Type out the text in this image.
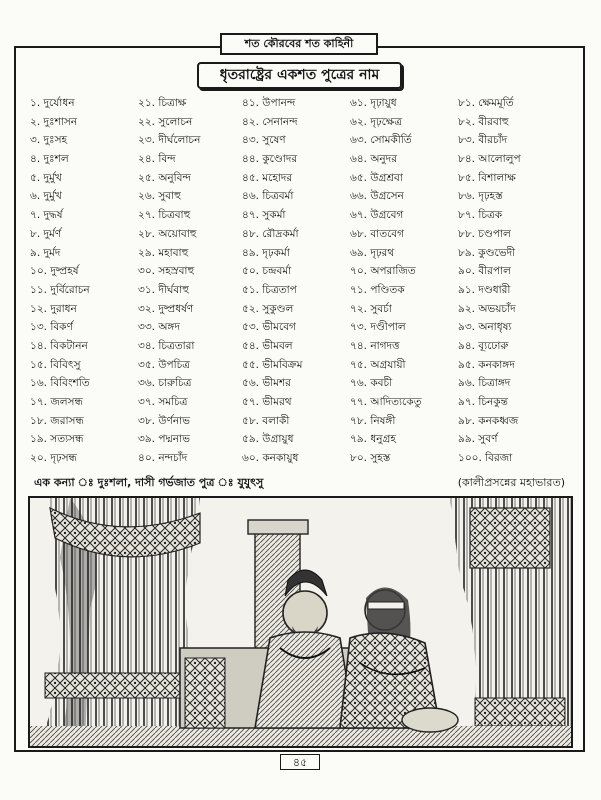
শত কৌরবের শত কাহিনী
ধৃতরাষ্ট্রের একশত পুত্রের নাম
১. দুর্যোধন
২. দুঃশাসন
৩. দুঃসহ
৪. দুঃশল
৫. দুর্মুখ
৬. দুর্মুখ
৭. দুদ্ধর্ষ
৮. দুর্মর্ণ
৯. দুর্মদ
১০. দুষ্প্রহর্ষ
১১. দুর্বিরোচন
১২. দুরাধন
১৩. বিকর্ণ
১৪. বিকটানন
১৫. বিবিৎসু
১৬. বিবিংশতি
১৭. জলসন্ধ
১৮. জরাসন্ধ
১৯. সত্যসন্ধ
২০. দৃঢ়সন্ধ
২১. চিত্রাক্ষ
২২. সুলোচন
২৩. দীর্ঘলোচন
২৪. বিন্দ
২৫. অনুবিন্দ
২৬. সুবাহু
২৭. চিত্রবাহু
২৮. অয়োবাহু
২৯. মহাবাহু
৩০. সহস্রবাহু
৩১. দীর্ঘবাহু
৩২. দুষ্প্রধর্ষণ
৩৩. অঙ্গদ
৩৪. চিত্রতারা
৩৫. উপচিত্র
৩৬. চারুচিত্র
৩৭. সমচিত্র
৩৮. উর্ণনাভ
৩৯. পদ্মনাভ
৪০. নন্দচাঁদ
৪১. উপানন্দ
৪২. সেনানন্দ
৪৩. সুষেণ
৪৪. কুণ্ডোদর
৪৫. মহোদর
৪৬. চিত্রবর্মা
৪৭. সুকর্মা
৪৮. রৌদ্রকর্মা
৪৯. দৃঢ়কর্মা
৫০. চন্দ্রবর্মা
৫১. চিত্রতাপ
৫২. সুকুণ্ডল
৫৩. ভীমবেগ
৫৪. ভীমবল
৫৫. ভীমবিক্রম
৫৬. ভীমশর
৫৭. ভীমরথ
৫৮. বলাকী
৫৯. উগ্রায়ুধ
৬০. কনকায়ুধ
৬১. দৃঢ়ায়ুধ
৬২. দৃঢ়ক্ষেত্র
৬৩. সোমকীর্তি
৬৪. অনুদর
৬৫. উগ্রশ্রবা
৬৬. উগ্রসেন
৬৭. উগ্রবেগ
৬৮. বাতবেগ
৬৯. দৃঢ়রথ
৭০. অপরাজিত
৭১. পণ্ডিতক
৭২. সুবর্চা
৭৩. দণ্ডীপাল
৭৪. নাগদত্ত
৭৫. অগ্রযায়ী
৭৬. কবচী
৭৭. আদিত্যকেতু
৭৮. নিষঙ্গী
৭৯. ধনুগ্রহ
৮০. সুহস্ত
৮১. ক্ষেমমূর্তি
৮২. বীরবাহু
৮৩. বীরচাঁদ
৮৪. আলোলুপ
৮৫. বিশালাক্ষ
৮৬. দৃঢ়হস্ত
৮৭. চিত্রক
৮৮. চণ্ডপাল
৮৯. কুণ্ডভেদী
৯০. বীরপাল
৯১. দণ্ডধারী
৯২. অভয়চাঁদ
৯৩. অনাধৃষ্য
৯৪. ব্যূঢোরু
৯৫. কনকাঙ্গদ
৯৬. চিত্রাঙ্গদ
৯৭. চিনকুন্ত
৯৮. কনকধ্বজ
৯৯. সুবর্ণ
১০০. বিরজা
এক কন্যা ঃ দুঃশলা, দাসী গর্ভজাত পুত্র ঃ যুযুৎসু	(কালীপ্রসন্নের মহাভারত)
৪৫
